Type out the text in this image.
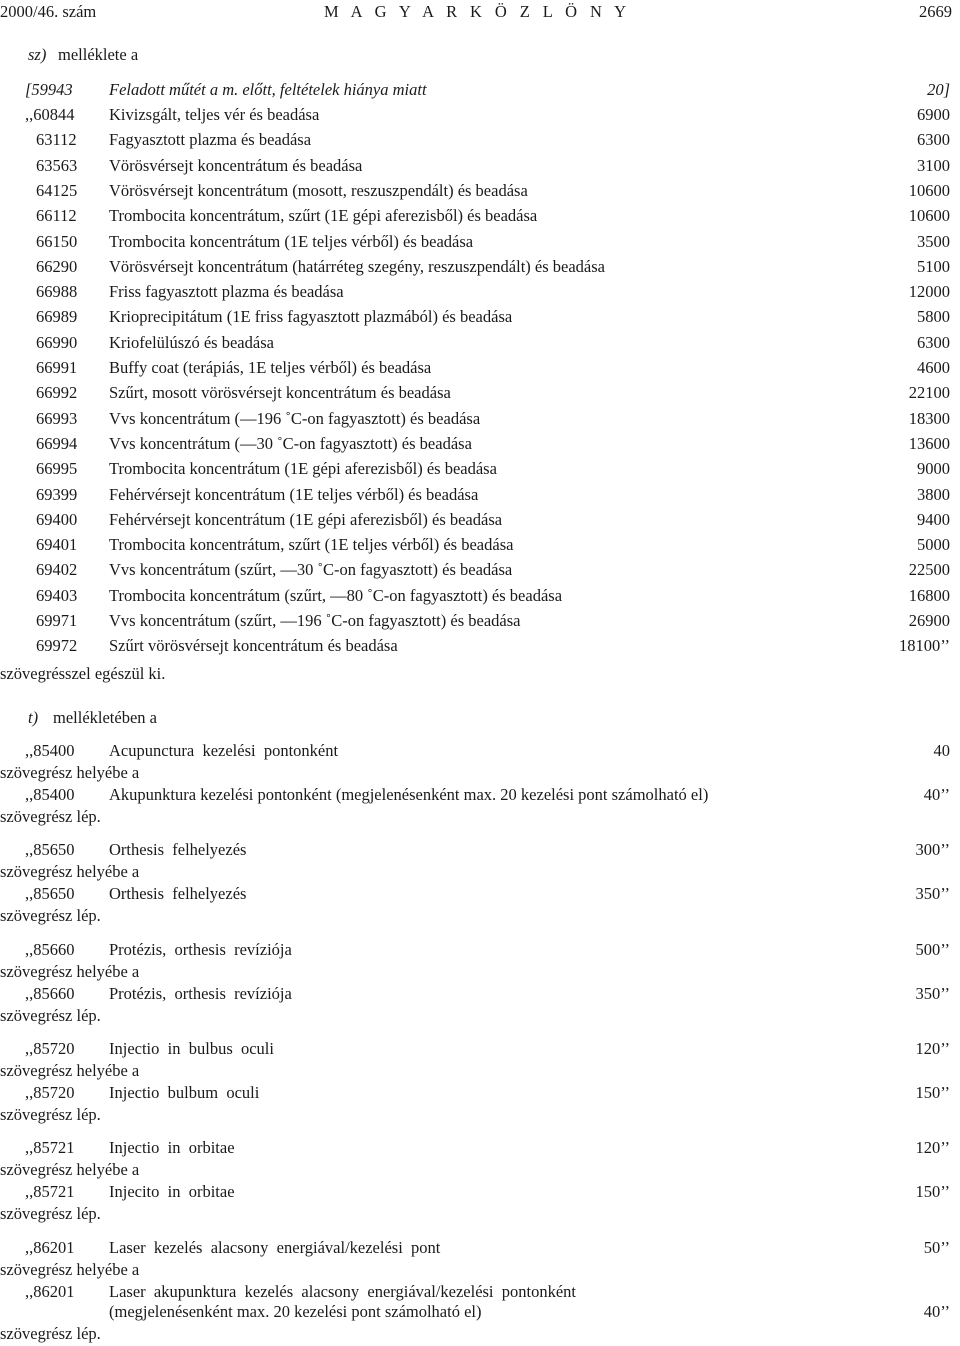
2000/46. szám	M A G Y A R K Ö Z L Ö N Y	2669
sz) melléklete a
[59943 Feladott műtét a m. előtt, feltételek hiánya miatt	20]
,,60844 Kivizsgált, teljes vér és beadása	6900
63112 Fagyasztott plazma és beadása	6300
63563 Vörösvérsejt koncentrátum és beadása	3100
64125 Vörösvérsejt koncentrátum (mosott, reszuszpendált) és beadása	10600
66112 Trombocita koncentrátum, szűrt (1E gépi aferezisből) és beadása	10600
66150 Trombocita koncentrátum (1E teljes vérből) és beadása	3500
66290 Vörösvérsejt koncentrátum (határréteg szegény, reszuszpendált) és beadása	5100
66988 Friss fagyasztott plazma és beadása	12000
66989 Krioprecipitátum (1E friss fagyasztott plazmából) és beadása	5800
66990 Kriofelülúszó és beadása	6300
66991 Buffy coat (terápiás, 1E teljes vérből) és beadása	4600
66992 Szűrt, mosott vörösvérsejt koncentrátum és beadása	22100
66993 Vvs koncentrátum (—196 ˚C-on fagyasztott) és beadása	18300
66994 Vvs koncentrátum (—30 ˚C-on fagyasztott) és beadása	13600
66995 Trombocita koncentrátum (1E gépi aferezisből) és beadása	9000
69399 Fehérvérsejt koncentrátum (1E teljes vérből) és beadása	3800
69400 Fehérvérsejt koncentrátum (1E gépi aferezisből) és beadása	9400
69401 Trombocita koncentrátum, szűrt (1E teljes vérből) és beadása	5000
69402 Vvs koncentrátum (szűrt, —30 ˚C-on fagyasztott) és beadása	22500
69403 Trombocita koncentrátum (szűrt, —80 ˚C-on fagyasztott) és beadása	16800
69971 Vvs koncentrátum (szűrt, —196 ˚C-on fagyasztott) és beadása	26900
69972 Szűrt vörösvérsejt koncentrátum és beadása	18100’’
szövegrésszel egészül ki.
t) mellékletében a
,,85400 Acupunctura  kezelési  pontonként	40
szövegrész helyébe a
,,85400 Akupunktura kezelési pontonként (megjelenésenként max. 20 kezelési pont számolható el)	40’’
szövegrész lép.
,,85650 Orthesis  felhelyezés	300’’
szövegrész helyébe a
,,85650 Orthesis  felhelyezés	350’’
szövegrész lép.
,,85660 Protézis,  orthesis  revíziója	500’’
szövegrész helyébe a
,,85660 Protézis,  orthesis  revíziója	350’’
szövegrész lép.
,,85720 Injectio  in  bulbus  oculi	120’’
szövegrész helyébe a
,,85720 Injectio  bulbum  oculi	150’’
szövegrész lép.
,,85721 Injectio  in  orbitae	120’’
szövegrész helyébe a
,,85721 Injecito  in  orbitae	150’’
szövegrész lép.
,,86201 Laser  kezelés  alacsony  energiával/kezelési  pont	50’’
szövegrész helyébe a
,,86201 Laser  akupunktura  kezelés  alacsony  energiával/kezelési  pontonként
(megjelenésenként max. 20 kezelési pont számolható el)	40’’
szövegrész lép.
